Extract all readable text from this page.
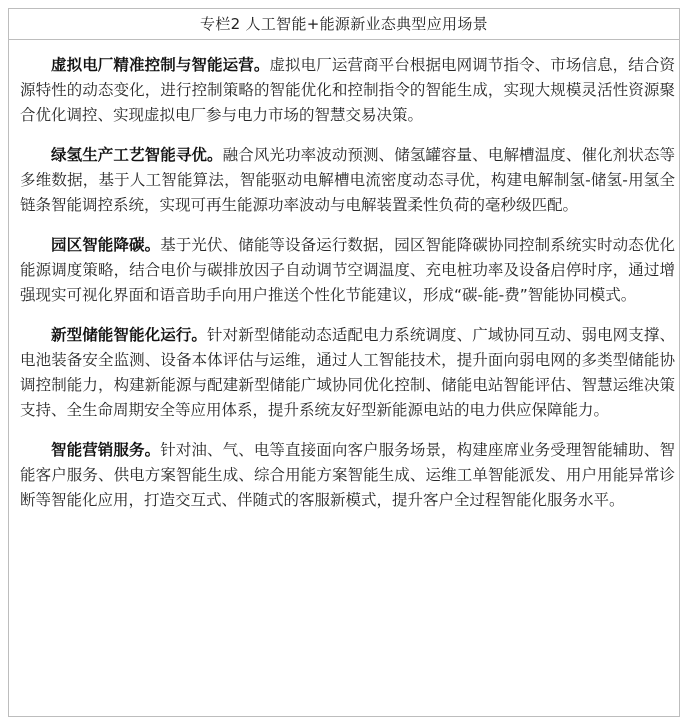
专栏2 人工智能+能源新业态典型应用场景

虚拟电厂精准控制与智能运营。虚拟电厂运营商平台根据电网调节指令、市场信息，结合资源特性的动态变化，进行控制策略的智能优化和控制指令的智能生成，实现大规模灵活性资源聚合优化调控、实现虚拟电厂参与电力市场的智慧交易决策。

绿氢生产工艺智能寻优。融合风光功率波动预测、储氢罐容量、电解槽温度、催化剂状态等多维数据，基于人工智能算法，智能驱动电解槽电流密度动态寻优，构建电解制氢-储氢-用氢全链条智能调控系统，实现可再生能源功率波动与电解装置柔性负荷的毫秒级匹配。

园区智能降碳。基于光伏、储能等设备运行数据，园区智能降碳协同控制系统实时动态优化能源调度策略，结合电价与碳排放因子自动调节空调温度、充电桩功率及设备启停时序，通过增强现实可视化界面和语音助手向用户推送个性化节能建议，形成“碳-能-费”智能协同模式。

新型储能智能化运行。针对新型储能动态适配电力系统调度、广域协同互动、弱电网支撑、电池装备安全监测、设备本体评估与运维，通过人工智能技术，提升面向弱电网的多类型储能协调控制能力，构建新能源与配建新型储能广域协同优化控制、储能电站智能评估、智慧运维决策支持、全生命周期安全等应用体系，提升系统友好型新能源电站的电力供应保障能力。

智能营销服务。针对油、气、电等直接面向客户服务场景，构建座席业务受理智能辅助、智能客户服务、供电方案智能生成、综合用能方案智能生成、运维工单智能派发、用户用能异常诊断等智能化应用，打造交互式、伴随式的客服新模式，提升客户全过程智能化服务水平。
